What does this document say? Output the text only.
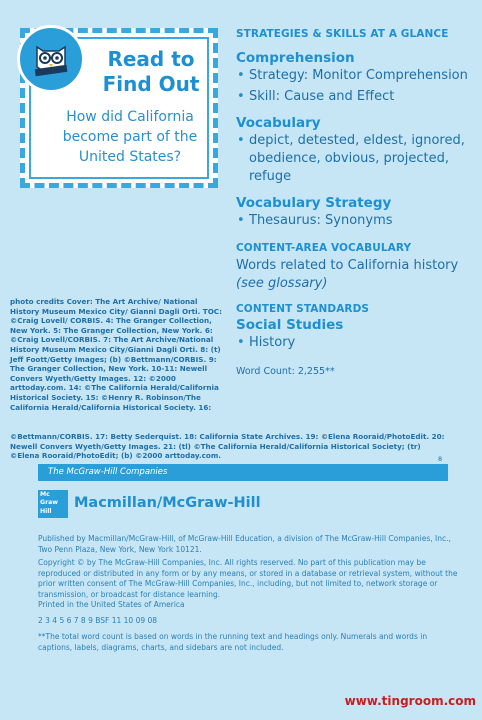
Read to
Find Out
How did California become part of the United States?
STRATEGIES & SKILLS AT A GLANCE
Comprehension
• Strategy: Monitor Comprehension
• Skill: Cause and Effect
Vocabulary
• depict, detested, eldest, ignored, obedience, obvious, projected, refuge
Vocabulary Strategy
• Thesaurus: Synonyms
CONTENT-AREA VOCABULARY
Words related to California history (see glossary)
CONTENT STANDARDS
Social Studies
• History
Word Count: 2,255**
photo credits Cover: The Art Archive/ National History Museum Mexico City/ Gianni Dagli Orti. TOC: ©Craig Lovell/ CORBIS. 4: The Granger Collection, New York. 5: The Granger Collection, New York. 6: ©Craig Lovell/CORBIS. 7: The Art Archive/National History Museum Mexico City/Gianni Dagli Orti. 8: (t) Jeff Foott/Getty Images; (b) ©Bettmann/CORBIS. 9: The Granger Collection, New York. 10-11: Newell Convers Wyeth/Getty Images. 12: ©2000 arttoday.com. 14: ©The California Herald/California Historical Society. 15: ©Henry R. Robinson/The California Herald/California Historical Society. 16:
©Bettmann/CORBIS. 17: Betty Sederquist. 18: California State Archives. 19: ©Elena Rooraid/PhotoEdit. 20: Newell Convers Wyeth/Getty Images. 21: (tl) ©The California Herald/California Historical Society; (tr) ©Elena Rooraid/PhotoEdit; (b) ©2000 arttoday.com.	8
The McGraw-Hill Companies
Mc
Graw
Hill
Macmillan/McGraw-Hill
Published by Macmillan/McGraw-Hill, of McGraw-Hill Education, a division of The McGraw-Hill Companies, Inc., Two Penn Plaza, New York, New York 10121.
Copyright © by The McGraw-Hill Companies, Inc. All rights reserved. No part of this publication may be reproduced or distributed in any form or by any means, or stored in a database or retrieval system, without the prior written consent of The McGraw-Hill Companies, Inc., including, but not limited to, network storage or transmission, or broadcast for distance learning.
Printed in the United States of America
2 3 4 5 6 7 8 9 BSF 11 10 09 08
**The total word count is based on words in the running text and headings only. Numerals and words in captions, labels, diagrams, charts, and sidebars are not included.
www.tingroom.com
